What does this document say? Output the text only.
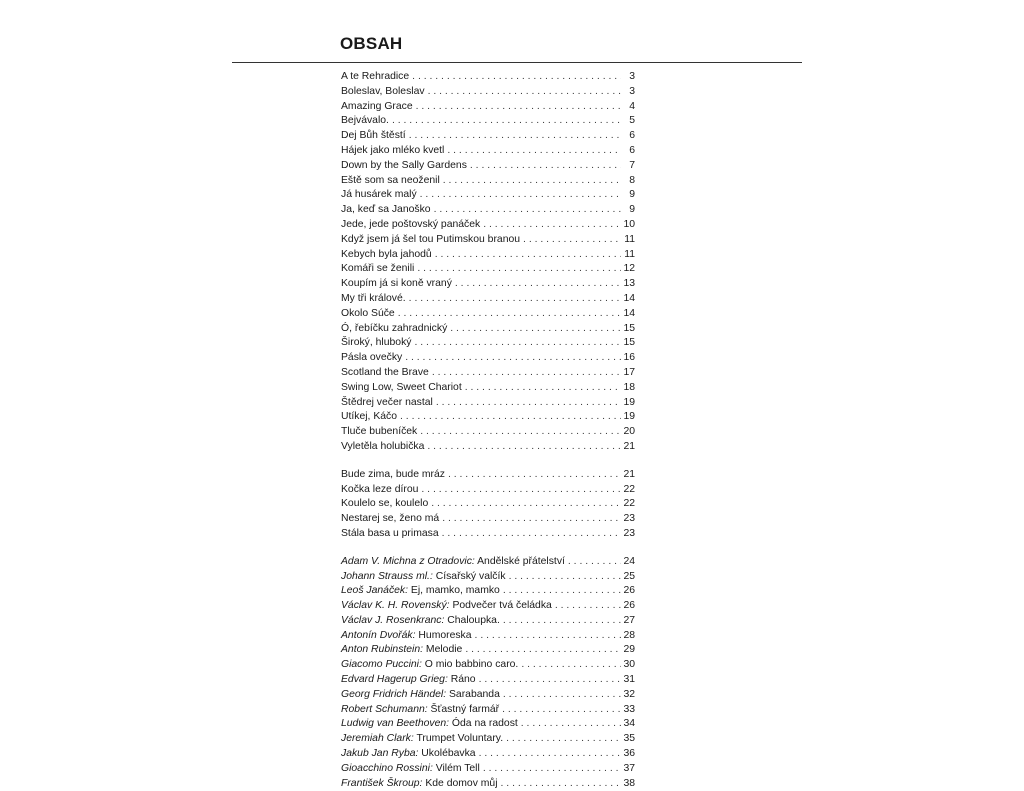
OBSAH
A te Rehradice . . .	3
Boleslav, Boleslav . . .	3
Amazing Grace . . .	4
Bejvávalo. . . .	5
Dej Bůh štěstí . . .	6
Hájek jako mléko kvetl . . .	6
Down by the Sally Gardens . . .	7
Eště som sa neoženil . . .	8
Já husárek malý . . .	9
Ja, keď sa Janoško . . .	9
Jede, jede poštovský panáček . . .	10
Když jsem já šel tou Putimskou branou . . .	11
Kebych byla jahodů . . .	11
Komáři se ženili . . .	12
Koupím já si koně vraný . . .	13
My tři králové. . . .	14
Okolo Súče . . .	14
Ó, řebíčku zahradnický . . .	15
Široký, hluboký . . .	15
Pásla ovečky . . .	16
Scotland the Brave . . .	17
Swing Low, Sweet Chariot . . .	18
Štědrej večer nastal . . .	19
Utíkej, Káčo . . .	19
Tluče bubeníček . . .	20
Vyletěla holubička . . .	21
Bude zima, bude mráz . . .	21
Kočka leze dírou . . .	22
Koulelo se, koulelo . . .	22
Nestarej se, ženo má . . .	23
Stála basa u primasa . . .	23
Adam V. Michna z Otradovic: Andělské přátelství . . .	24
Johann Strauss ml.: Císařský valčík . . .	25
Leoš Janáček: Ej, mamko, mamko . . .	26
Václav K. H. Rovenský: Podvečer tvá čeládka . . .	26
Václav J. Rosenkranc: Chaloupka. . . .	27
Antonín Dvořák: Humoreska . . .	28
Anton Rubinstein: Melodie . . .	29
Giacomo Puccini: O mio babbino caro. . . .	30
Edvard Hagerup Grieg: Ráno . . .	31
Georg Fridrich Händel: Sarabanda . . .	32
Robert Schumann: Šťastný farmář . . .	33
Ludwig van Beethoven: Óda na radost . . .	34
Jeremiah Clark: Trumpet Voluntary. . . .	35
Jakub Jan Ryba: Ukolébavka . . .	36
Gioacchino Rossini: Vilém Tell . . .	37
František Škroup: Kde domov můj . . .	38
